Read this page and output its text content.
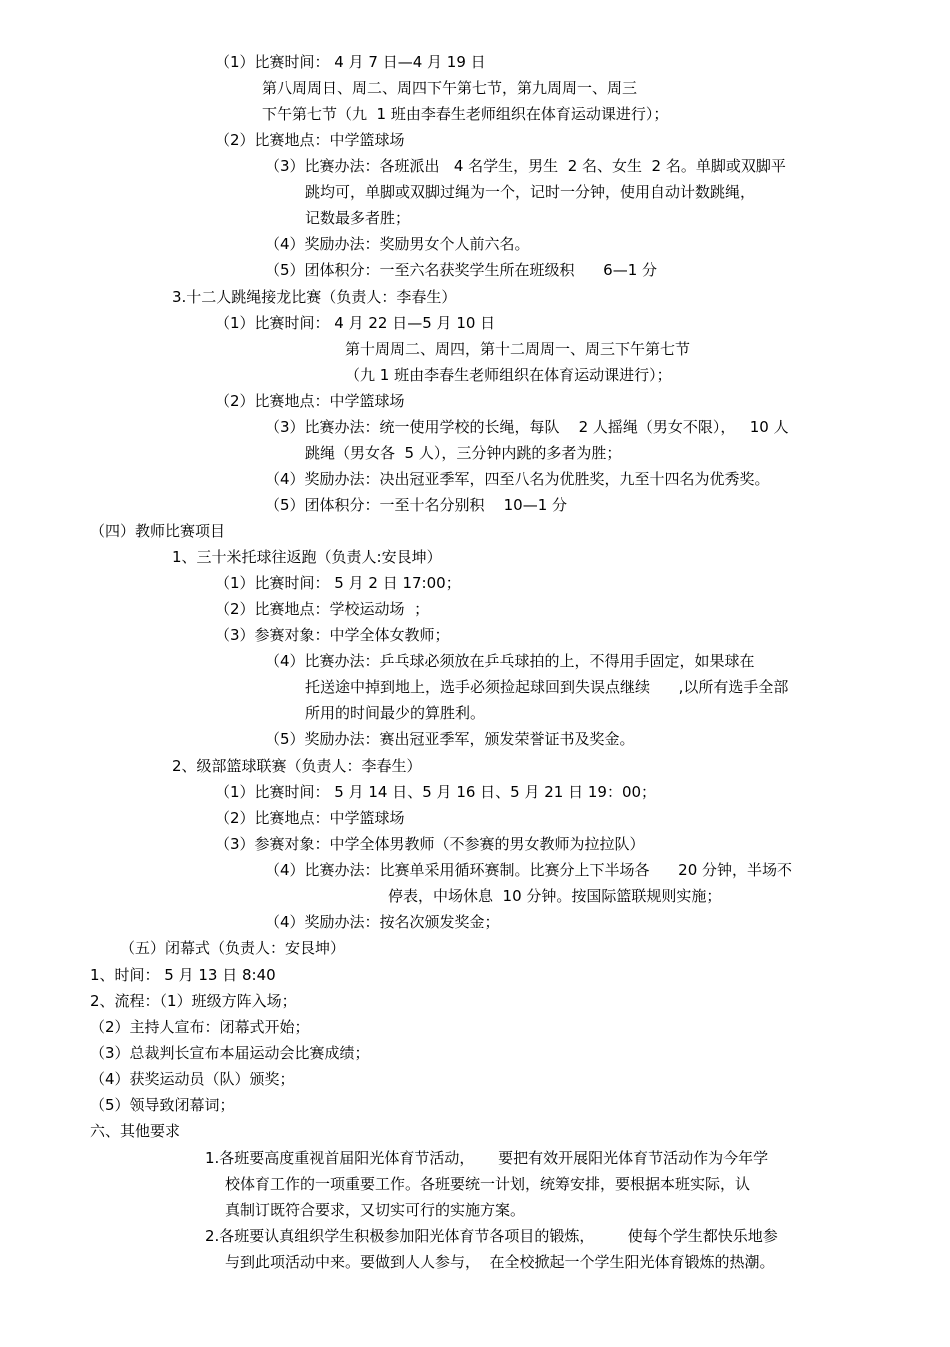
（1）比赛时间： 4 月 7 日—4 月 19 日
第八周周日、周二、周四下午第七节，第九周周一、周三
下午第七节（九  1 班由李春生老师组织在体育运动课进行）；
（2）比赛地点：中学篮球场
（3）比赛办法：各班派出   4 名学生，男生  2 名、女生  2 名。单脚或双脚平
跳均可，单脚或双脚过绳为一个，记时一分钟，使用自动计数跳绳，
记数最多者胜；
（4）奖励办法：奖励男女个人前六名。
（5）团体积分：一至六名获奖学生所在班级积      6—1 分
3.十二人跳绳接龙比赛（负责人：李春生）
（1）比赛时间： 4 月 22 日—5 月 10 日
第十周周二、周四，第十二周周一、周三下午第七节
（九 1 班由李春生老师组织在体育运动课进行）；
（2）比赛地点：中学篮球场
（3）比赛办法：统一使用学校的长绳，每队    2 人摇绳（男女不限），   10 人
跳绳（男女各  5 人），三分钟内跳的多者为胜；
（4）奖励办法：决出冠亚季军，四至八名为优胜奖，九至十四名为优秀奖。
（5）团体积分：一至十名分别积    10—1 分
（四）教师比赛项目
1、三十米托球往返跑（负责人:安艮坤）
（1）比赛时间： 5 月 2 日 17:00；
（2）比赛地点：学校运动场  ；
（3）参赛对象：中学全体女教师；
（4）比赛办法：乒乓球必须放在乒乓球拍的上，不得用手固定，如果球在
托送途中掉到地上，选手必须捡起球回到失误点继续      ,以所有选手全部
所用的时间最少的算胜利。
（5）奖励办法：赛出冠亚季军，颁发荣誉证书及奖金。
2、级部篮球联赛（负责人：李春生）
（1）比赛时间： 5 月 14 日、5 月 16 日、5 月 21 日 19：00；
（2）比赛地点：中学篮球场
（3）参赛对象：中学全体男教师（不参赛的男女教师为拉拉队）
（4）比赛办法：比赛单采用循环赛制。比赛分上下半场各      20 分钟，半场不
停表，中场休息  10 分钟。按国际篮联规则实施；
（4）奖励办法：按名次颁发奖金；
（五）闭幕式（负责人：安艮坤）
1、时间： 5 月 13 日 8:40
2、流程：（1）班级方阵入场；
（2）主持人宣布：闭幕式开始；
（3）总裁判长宣布本届运动会比赛成绩；
（4）获奖运动员（队）颁奖；
（5）领导致闭幕词；
六、其他要求
1.各班要高度重视首届阳光体育节活动，     要把有效开展阳光体育节活动作为今年学
校体育工作的一项重要工作。各班要统一计划，统筹安排，要根据本班实际，认
真制订既符合要求，又切实可行的实施方案。
2.各班要认真组织学生积极参加阳光体育节各项目的锻炼，       使每个学生都快乐地参
与到此项活动中来。要做到人人参与，  在全校掀起一个学生阳光体育锻炼的热潮。
